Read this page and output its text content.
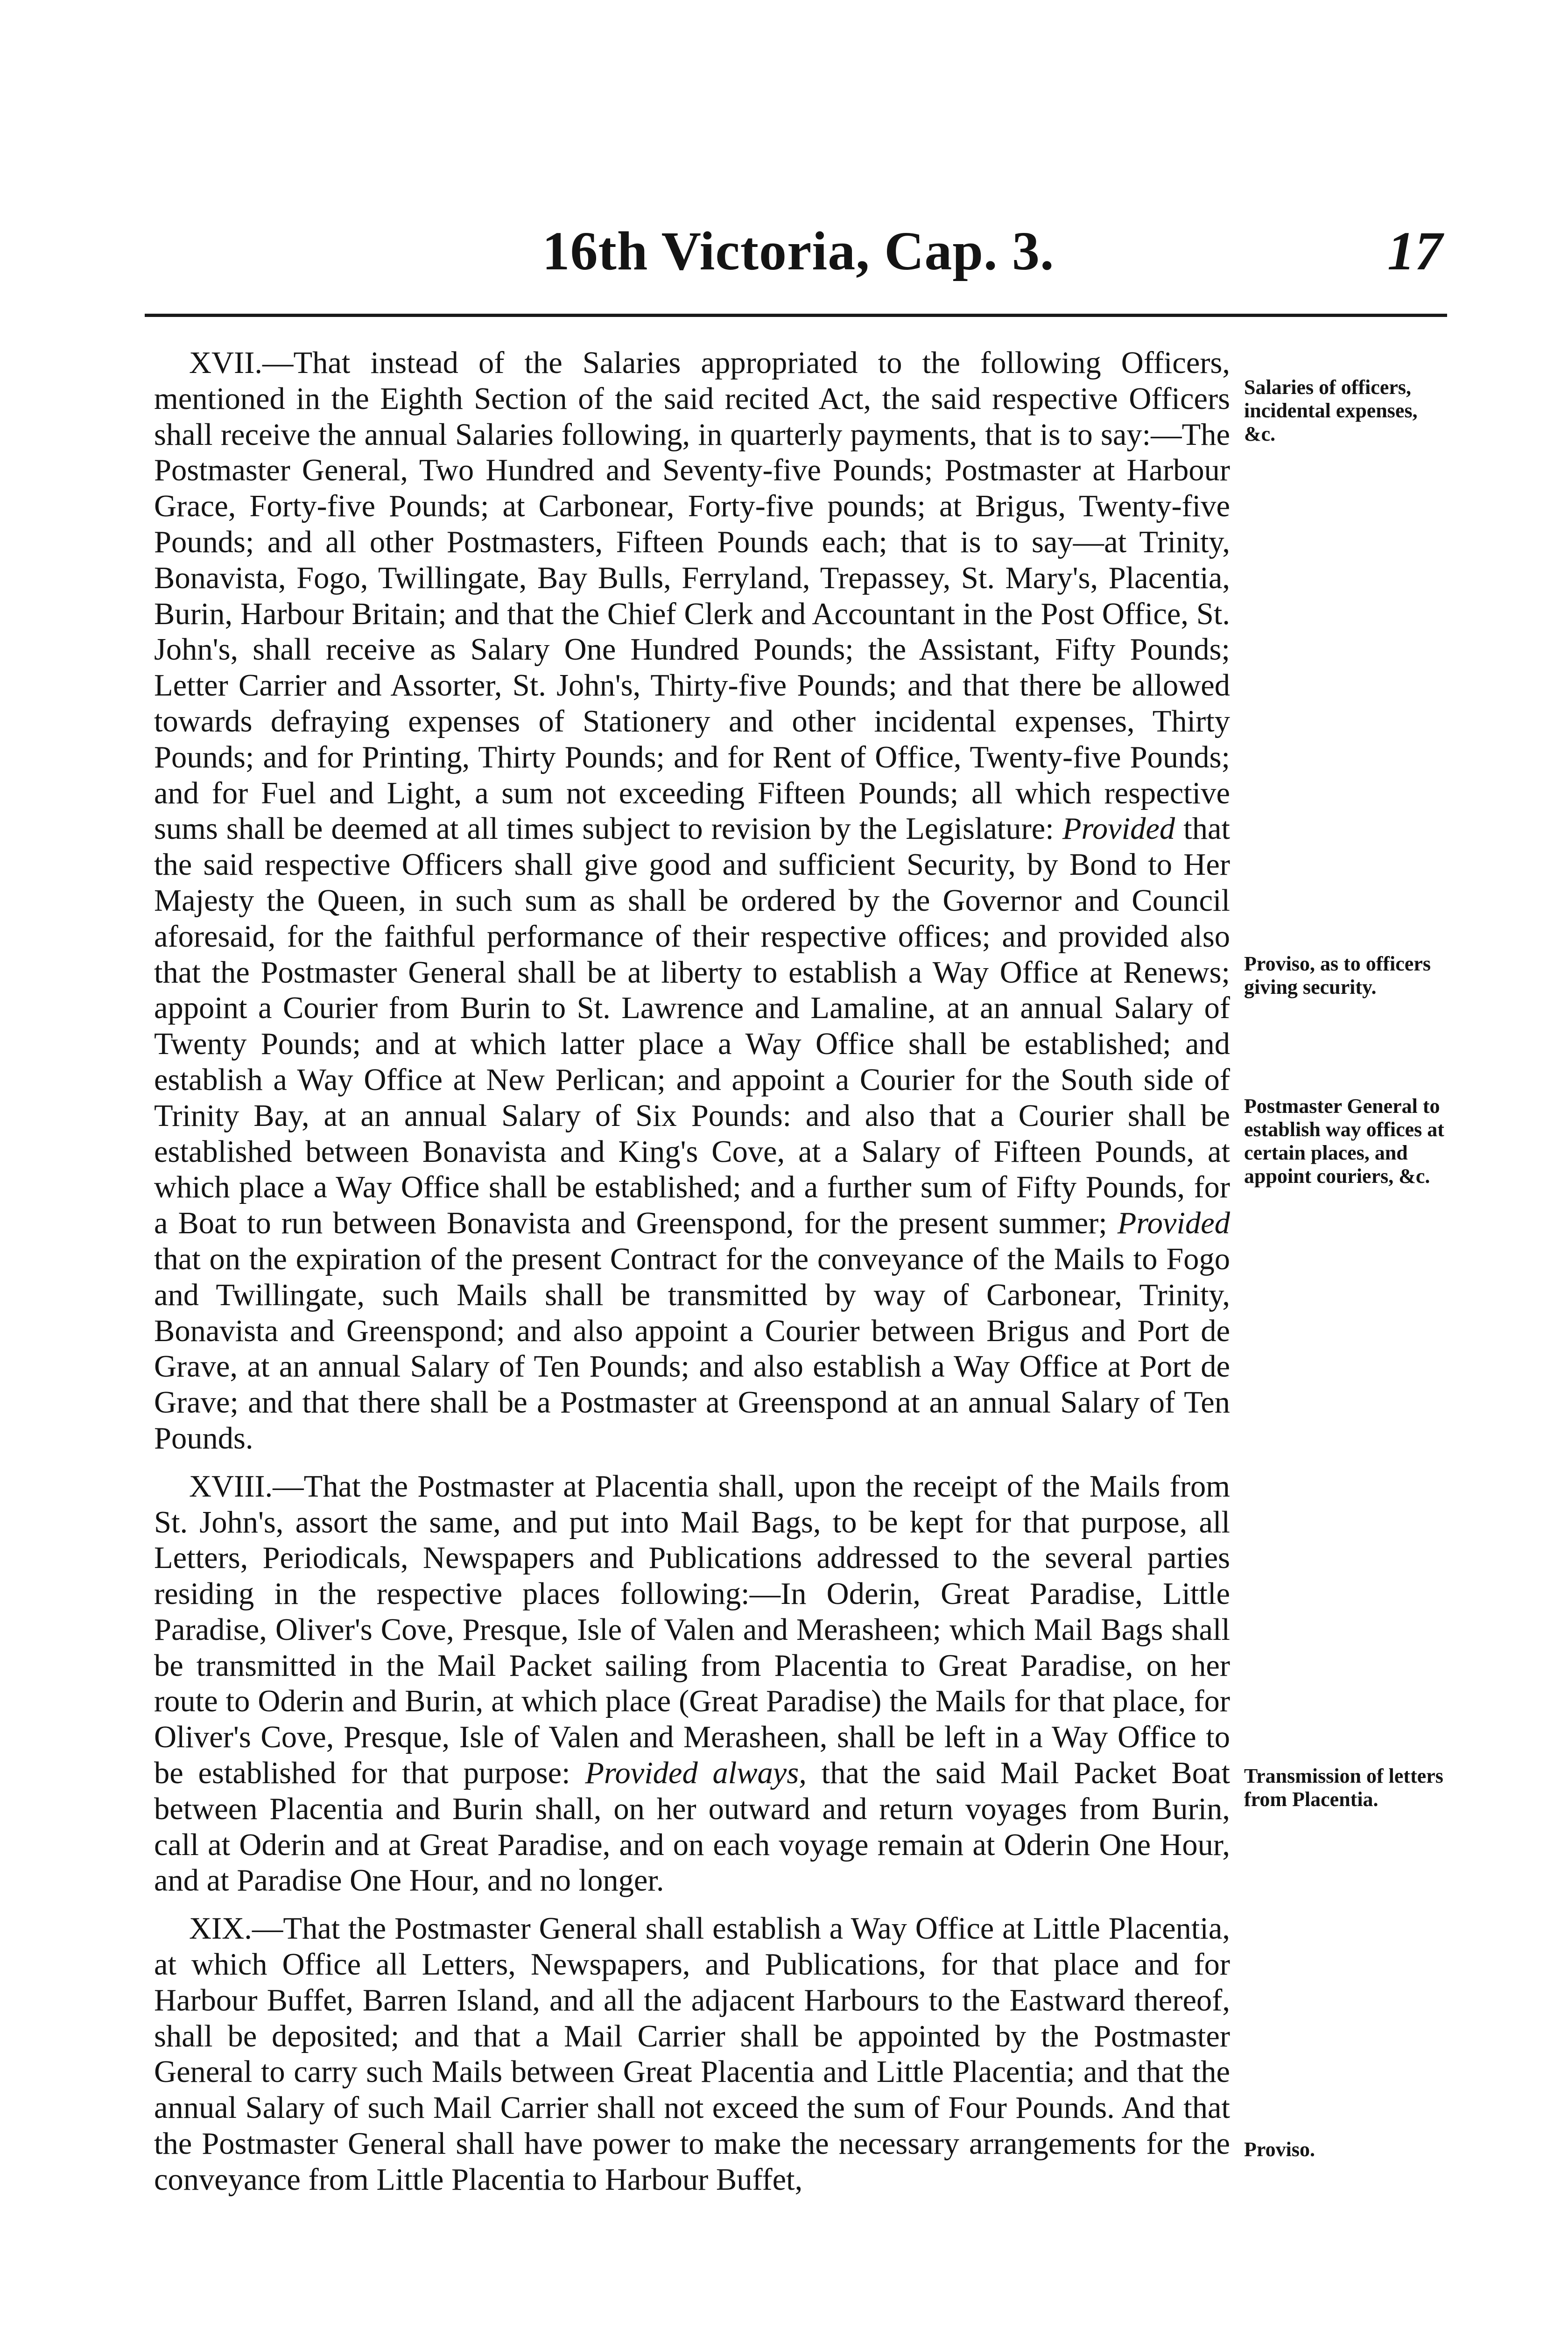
16th Victoria, Cap. 3.	17

XVII.—That instead of the Salaries appropriated to the following Officers, mentioned in the Eighth Section of the said recited Act, the said respective Officers shall receive the annual Salaries following, in quarterly payments, that is to say:—The Postmaster General, Two Hundred and Seventy-five Pounds; Postmaster at Harbour Grace, Forty-five Pounds; at Carbonear, Forty-five pounds; at Brigus, Twenty-five Pounds; and all other Postmasters, Fifteen Pounds each; that is to say—at Trinity, Bonavista, Fogo, Twillingate, Bay Bulls, Ferryland, Trepassey, St. Mary's, Placentia, Burin, Harbour Britain; and that the Chief Clerk and Accountant in the Post Office, St. John's, shall receive as Salary One Hundred Pounds; the Assistant, Fifty Pounds; Letter Carrier and Assorter, St. John's, Thirty-five Pounds; and that there be allowed towards defraying expenses of Stationery and other incidental expenses, Thirty Pounds; and for Printing, Thirty Pounds; and for Rent of Office, Twenty-five Pounds; and for Fuel and Light, a sum not exceeding Fifteen Pounds; all which respective sums shall be deemed at all times subject to revision by the Legislature: Provided that the said respective Officers shall give good and sufficient Security, by Bond to Her Majesty the Queen, in such sum as shall be ordered by the Governor and Council aforesaid, for the faithful performance of their respective offices; and provided also that the Postmaster General shall be at liberty to establish a Way Office at Renews; appoint a Courier from Burin to St. Lawrence and Lamaline, at an annual Salary of Twenty Pounds; and at which latter place a Way Office shall be established; and establish a Way Office at New Perlican; and appoint a Courier for the South side of Trinity Bay, at an annual Salary of Six Pounds: and also that a Courier shall be established between Bonavista and King's Cove, at a Salary of Fifteen Pounds, at which place a Way Office shall be established; and a further sum of Fifty Pounds, for a Boat to run between Bonavista and Greenspond, for the present summer; Provided that on the expiration of the present Contract for the conveyance of the Mails to Fogo and Twillingate, such Mails shall be transmitted by way of Carbonear, Trinity, Bonavista and Greenspond; and also appoint a Courier between Brigus and Port de Grave, at an annual Salary of Ten Pounds; and also establish a Way Office at Port de Grave; and that there shall be a Postmaster at Greenspond at an annual Salary of Ten Pounds.

XVIII.—That the Postmaster at Placentia shall, upon the receipt of the Mails from St. John's, assort the same, and put into Mail Bags, to be kept for that purpose, all Letters, Periodicals, Newspapers and Publications addressed to the several parties residing in the respective places following:—In Oderin, Great Paradise, Little Paradise, Oliver's Cove, Presque, Isle of Valen and Merasheen; which Mail Bags shall be transmitted in the Mail Packet sailing from Placentia to Great Paradise, on her route to Oderin and Burin, at which place (Great Paradise) the Mails for that place, for Oliver's Cove, Presque, Isle of Valen and Merasheen, shall be left in a Way Office to be established for that purpose: Provided always, that the said Mail Packet Boat between Placentia and Burin shall, on her outward and return voyages from Burin, call at Oderin and at Great Paradise, and on each voyage remain at Oderin One Hour, and at Paradise One Hour, and no longer.

XIX.—That the Postmaster General shall establish a Way Office at Little Placentia, at which Office all Letters, Newspapers, and Publications, for that place and for Harbour Buffet, Barren Island, and all the adjacent Harbours to the Eastward thereof, shall be deposited; and that a Mail Carrier shall be appointed by the Postmaster General to carry such Mails between Great Placentia and Little Placentia; and that the annual Salary of such Mail Carrier shall not exceed the sum of Four Pounds. And that the Postmaster General shall have power to make the necessary arrangements for the conveyance from Little Placentia to Harbour Buffet,

Salaries of officers, incidental expenses, &c.
Proviso, as to officers giving security.
Postmaster General to establish way offices at certain places, and appoint couriers, &c.
Transmission of letters from Placentia.
Proviso.
